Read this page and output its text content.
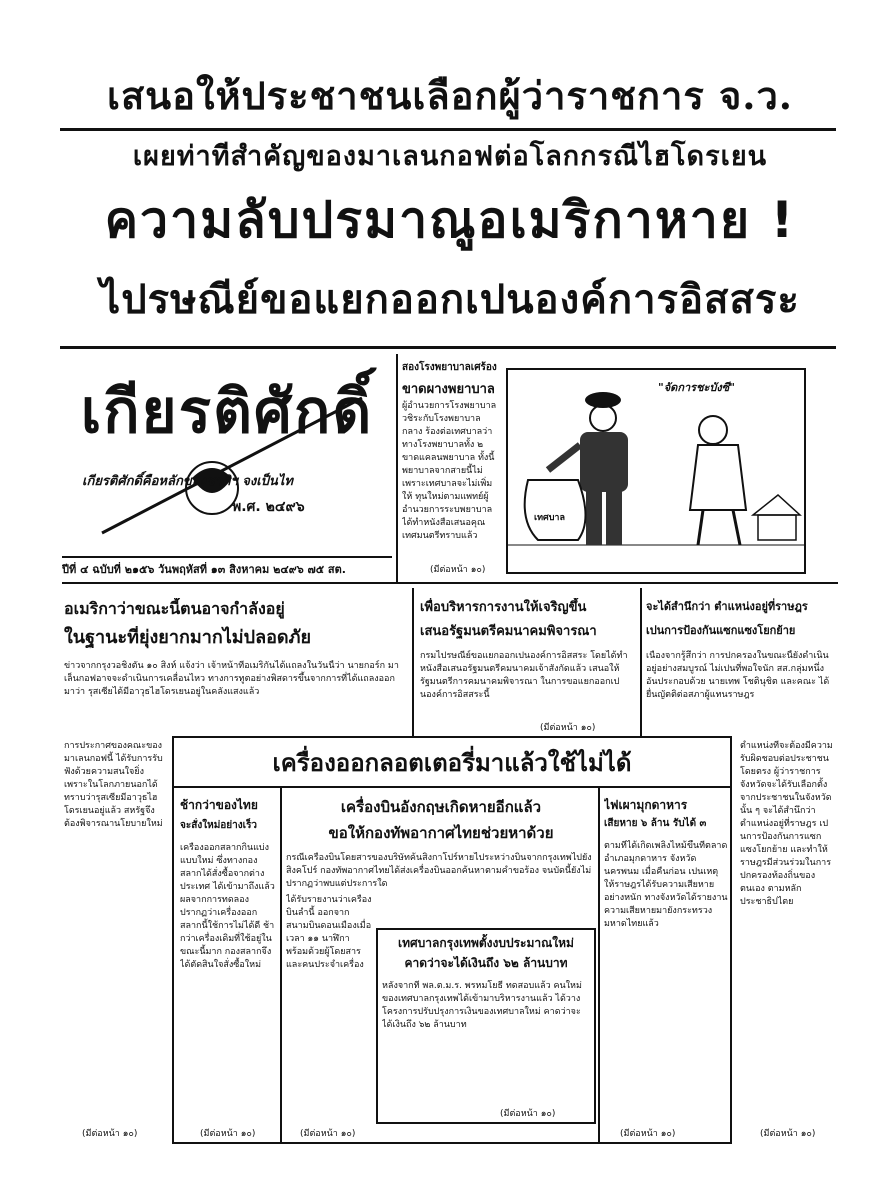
เสนอให้ประชาชนเลือกผู้ว่าราชการ จ.ว.
เผยท่าทีสำคัญของมาเลนกอฟต่อโลกกรณีไฮโดรเยน
ความลับปรมาณูอเมริกาหาย !
ไปรษณีย์ขอแยกออกเปนองค์การอิสสระ
เกียรติศักดิ์
เกียรติศักดิ์คือหลักของชาติฯ จงเป็นไท
พ.ศ. ๒๔๙๖
ปีที่ ๔ ฉบับที่ ๒๑๕๖ วันพฤหัสที่ ๑๓ สิงหาคม ๒๔๙๖ ๗๕ สต.
สองโรงพยาบาลเศร้อง
ขาดผางพยาบาล
ผู้อำนวยการโรงพยาบาลวชิระกับโรงพยาบาลกลาง ร้องต่อเทศบาลว่า ทางโรงพยาบาลทั้ง ๒ ขาดแคลนพยาบาล ทั้งนี้ พยาบาลจากสายนี้ไม่เพราะเทศบาลจะไม่เพิ่มให้ ทุนใหม่ตามแพทย์ผู้อำนวยการระบพยาบาลได้ทำหนังสือเสนอคุณเทศมนตรีทราบแล้ว
(มีต่อหน้า ๑๐)
"จัดการชะบังซี"
เทศบาล
อเมริกาว่าขณะนี้ตนอาจกำลังอยู่
ในฐานะที่ยุ่งยากมากไม่ปลอดภัย
ข่าวจากกรุงวอชิงตัน ๑๐ สิงห์ แจ้งว่า เจ้าหน้าที่อเมริกันได้แถลงในวันนี้ว่า นายกอร์ก มาเล็นกอฟอาจจะดำเนินการเคลื่อนไหว ทางการทูตอย่างพิสดารขึ้นจากการที่ได้แถลงออกมาว่า รุสเซียได้มีอาวุธไฮโดรเยนอยู่ในคลังแสงแล้ว
เพื่อบริหารการงานให้เจริญขึ้น
เสนอรัฐมนตรีคมนาคมพิจารณา
กรมไปรษณีย์ขอแยกออกเปนองค์การอิสสระ โดยได้ทำหนังสือเสนอรัฐมนตรีคมนาคมเจ้าสังกัดแล้ว เสนอให้รัฐมนตรีการคมนาคมพิจารณา ในการขอแยกออกเปนองค์การอิสสระนี้
(มีต่อหน้า ๑๐)
จะได้สำนึกว่า ตำแหน่งอยู่ที่ราษฎร
เปนการป้องกันแซกแซงโยกย้าย
เนื่องจากรู้สึกว่า การปกครองในขณะนี้ยังดำเนินอยู่อย่างสมบูรณ์ ไม่เปนที่พอใจนัก สส.กลุ่มหนึ่ง อันประกอบด้วย นายเทพ โชตินุชิต และคณะ ได้ยื่นญัตติต่อสภาผู้แทนราษฎร
การประกาศของคณะของมาเลนกอฟนี้ ได้รับการรับฟังด้วยความสนใจยิ่ง เพราะในโลกภายนอกได้ทราบว่ารุสเซียมีอาวุธไฮโดรเยนอยู่แล้ว สหรัฐจึงต้องพิจารณานโยบายใหม่
(มีต่อหน้า ๑๐)
เครื่องออกลอตเตอรี่มาแล้วใช้ไม่ได้
ช้ากว่าของไทย
จะสั่งใหม่อย่างเร็ว
เครื่องออกสลากกินแบ่งแบบใหม่ ซึ่งทางกองสลากได้สั่งซื้อจากต่างประเทศ ได้เข้ามาถึงแล้ว ผลจากการทดลองปรากฏว่าเครื่องออกสลากนี้ใช้การไม่ได้ดี ช้ากว่าเครื่องเดิมที่ใช้อยู่ในขณะนี้มาก กองสลากจึงได้ตัดสินใจสั่งซื้อใหม่
(มีต่อหน้า ๑๐)
เครื่องบินอังกฤษเกิดหายอีกแล้ว
ขอให้กองทัพอากาศไทยช่วยหาด้วย
กรณีเครื่องบินโดยสารของบริษัทค้นสิงกาโปร์หายไประหว่างบินจากกรุงเทพไปยังสิงคโปร์ กองทัพอากาศไทยได้ส่งเครื่องบินออกค้นหาตามคำขอร้อง จนบัดนี้ยังไม่ปรากฏว่าพบแต่ประการใด
ได้รับรายงานว่าเครื่องบินลำนี้ ออกจากสนามบินดอนเมืองเมื่อเวลา ๑๑ นาฬิกา พร้อมด้วยผู้โดยสาร และคนประจำเครื่อง
(มีต่อหน้า ๑๐)
เทศบาลกรุงเทพตั้งงบประมาณใหม่
คาดว่าจะได้เงินถึง ๖๒ ล้านบาท
หลังจากที่ พล.ต.ม.ร. พรหมโยธี ทดสอบแล้ว คนใหม่ของเทศบาลกรุงเทพได้เข้ามาบริหารงานแล้ว ได้วางโครงการปรับปรุงการเงินของเทศบาลใหม่ คาดว่าจะได้เงินถึง ๖๒ ล้านบาท
(มีต่อหน้า ๑๐)
ไฟเผามุกดาหาร
เสียหาย ๖ ล้าน รับได้ ๓
ตามที่ได้เกิดเพลิงไหม้ขึ้นที่ตลาดอำเภอมุกดาหาร จังหวัดนครพนม เมื่อคืนก่อน เปนเหตุให้ราษฎรได้รับความเสียหายอย่างหนัก ทางจังหวัดได้รายงานความเสียหายมายังกระทรวงมหาดไทยแล้ว
(มีต่อหน้า ๑๐)
ตำแหน่งที่จะต้องมีความรับผิดชอบต่อประชาชนโดยตรง ผู้ว่าราชการจังหวัดจะได้รับเลือกตั้งจากประชาชนในจังหวัดนั้น ๆ จะได้สำนึกว่าตำแหน่งอยู่ที่ราษฎร เปนการป้องกันการแซกแซงโยกย้าย และทำให้ราษฎรมีส่วนร่วมในการปกครองท้องถิ่นของตนเอง ตามหลักประชาธิปไตย
(มีต่อหน้า ๑๐)
